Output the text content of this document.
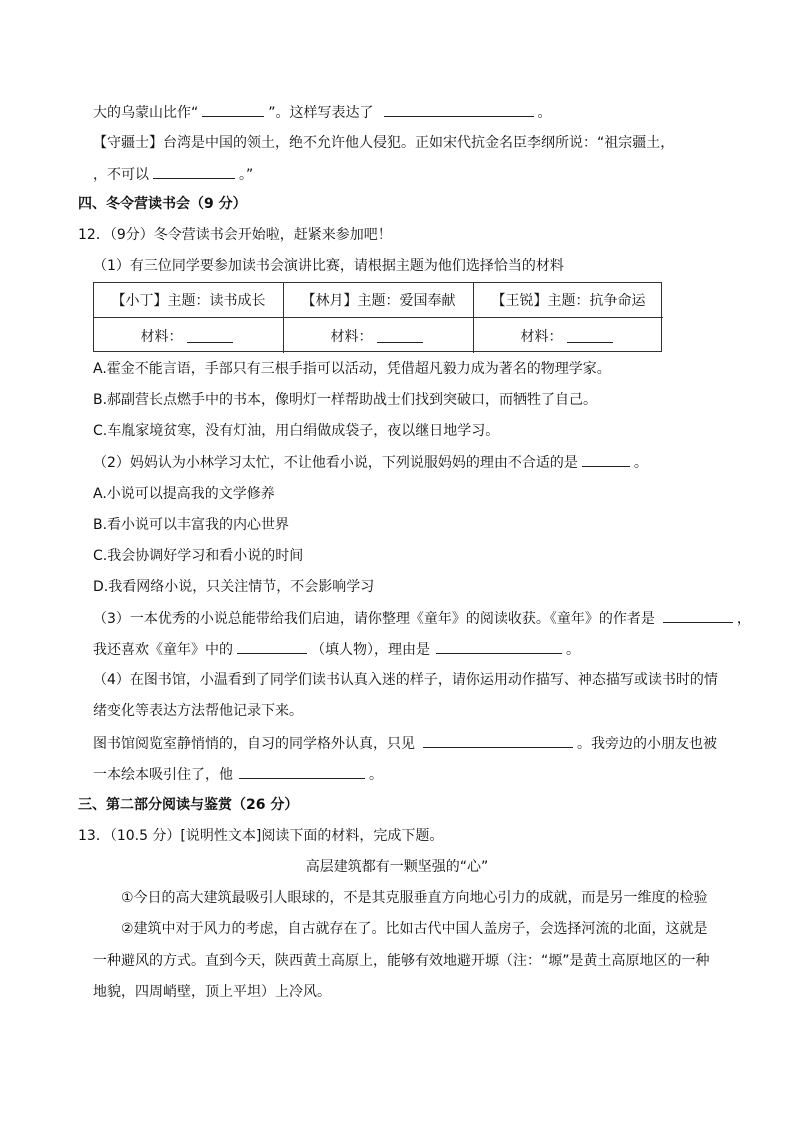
大的乌蒙山比作“	”。这样写表达了	。
【守疆士】台湾是中国的领土，绝不允许他人侵犯。正如宋代抗金名臣李纲所说：“祖宗疆土，
，不可以	。”
四、冬令营读书会（9 分）
12．（9分）冬令营读书会开始啦，赶紧来参加吧！
（1）有三位同学要参加读书会演讲比赛，请根据主题为他们选择恰当的材料
【小丁】主题：读书成长	【林月】主题：爱国奉献	【王锐】主题：抗争命运
材料：	材料：	材料：
A.霍金不能言语，手部只有三根手指可以活动，凭借超凡毅力成为著名的物理学家。
B.郝副营长点燃手中的书本，像明灯一样帮助战士们找到突破口，而牺牲了自己。
C.车胤家境贫寒，没有灯油，用白绢做成袋子，夜以继日地学习。
（2）妈妈认为小林学习太忙，不让他看小说，下列说服妈妈的理由不合适的是	。
A.小说可以提高我的文学修养
B.看小说可以丰富我的内心世界
C.我会协调好学习和看小说的时间
D.我看网络小说，只关注情节，不会影响学习
（3）一本优秀的小说总能带给我们启迪，请你整理《童年》的阅读收获。《童年》的作者是	，
我还喜欢《童年》中的	（填人物），理由是	。
（4）在图书馆，小温看到了同学们读书认真入迷的样子，请你运用动作描写、神态描写或读书时的情
绪变化等表达方法帮他记录下来。
图书馆阅览室静悄悄的，自习的同学格外认真，只见	。我旁边的小朋友也被
一本绘本吸引住了，他	。
三、第二部分阅读与鉴赏（26 分）
13．（10.5 分）[说明性文本]阅读下面的材料，完成下题。
高层建筑都有一颗坚强的“心”
①今日的高大建筑最吸引人眼球的，不是其克服垂直方向地心引力的成就，而是另一维度的检验
②建筑中对于风力的考虑，自古就存在了。比如古代中国人盖房子，会选择河流的北面，这就是
一种避风的方式。直到今天，陕西黄土高原上，能够有效地避开塬（注：“塬”是黄土高原地区的一种
地貌，四周峭壁，顶上平坦）上冷风。
